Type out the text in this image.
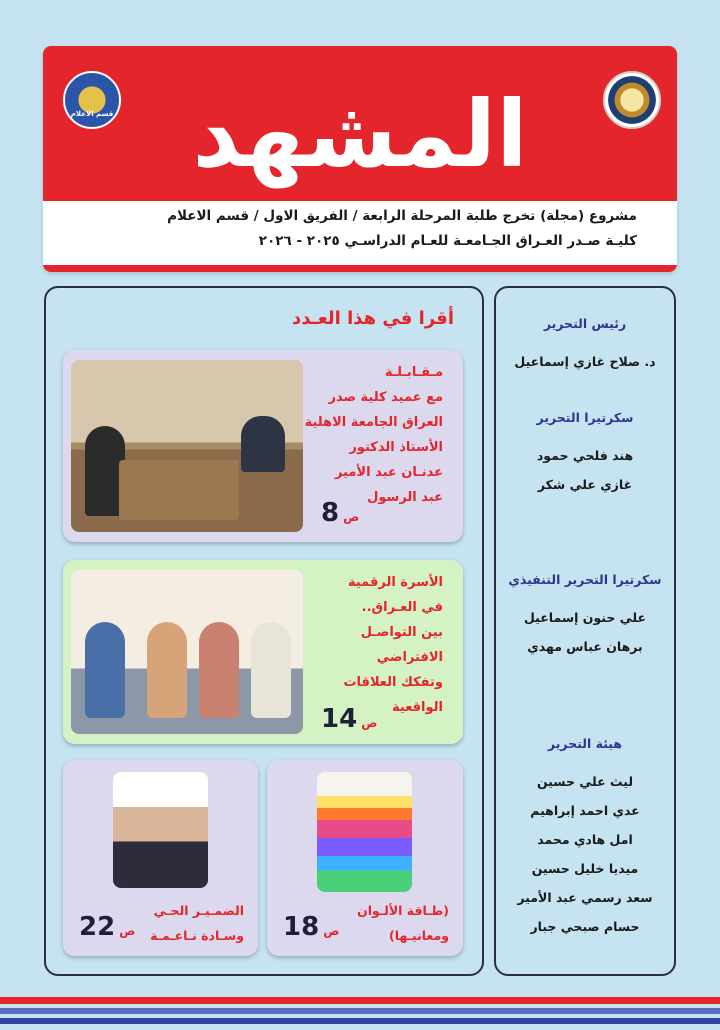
قسم الاعلام المشهد
مشروع (مجلة) تخرج طلبة المرحلة الرابعة / الفريق الاول / قسم الاعلام
كليـة صـدر العـراق الجـامعـة للعـام الدراسـي ٢٠٢٥ - ٢٠٢٦
أقرا في هذا العـدد
مـقـابـلـة
مع عميد كلية صدر
العراق الجامعة الاهلية
الأستاذ الدكتور
عدنـان عبد الأمير
عبد الرسول
8 ص
الأسرة الرقمية
في العـراق..
بين التواصـل
الافتراضي
وتفكك العلاقات
الواقعية
14 ص
(طـاقة الألـوان
ومعانيـها)
18 ص
الضمـيـر الحـي
وسـادة نـاعـمـة
22 ص
رئيس التحرير
د. صلاح غازي إسماعيل
سكرتيرا التحرير
هند فلحي حمود
غازي علي شكر
سكرتيرا التحرير التنفيذي
علي حنون إسماعيل
برهان عباس مهدي
هيئة التحرير
ليث علي حسين
عدي احمد إبراهيم
امل هادي محمد
ميديا خليل حسين
سعد رسمي عبد الأمير
حسام صبحي جبار
